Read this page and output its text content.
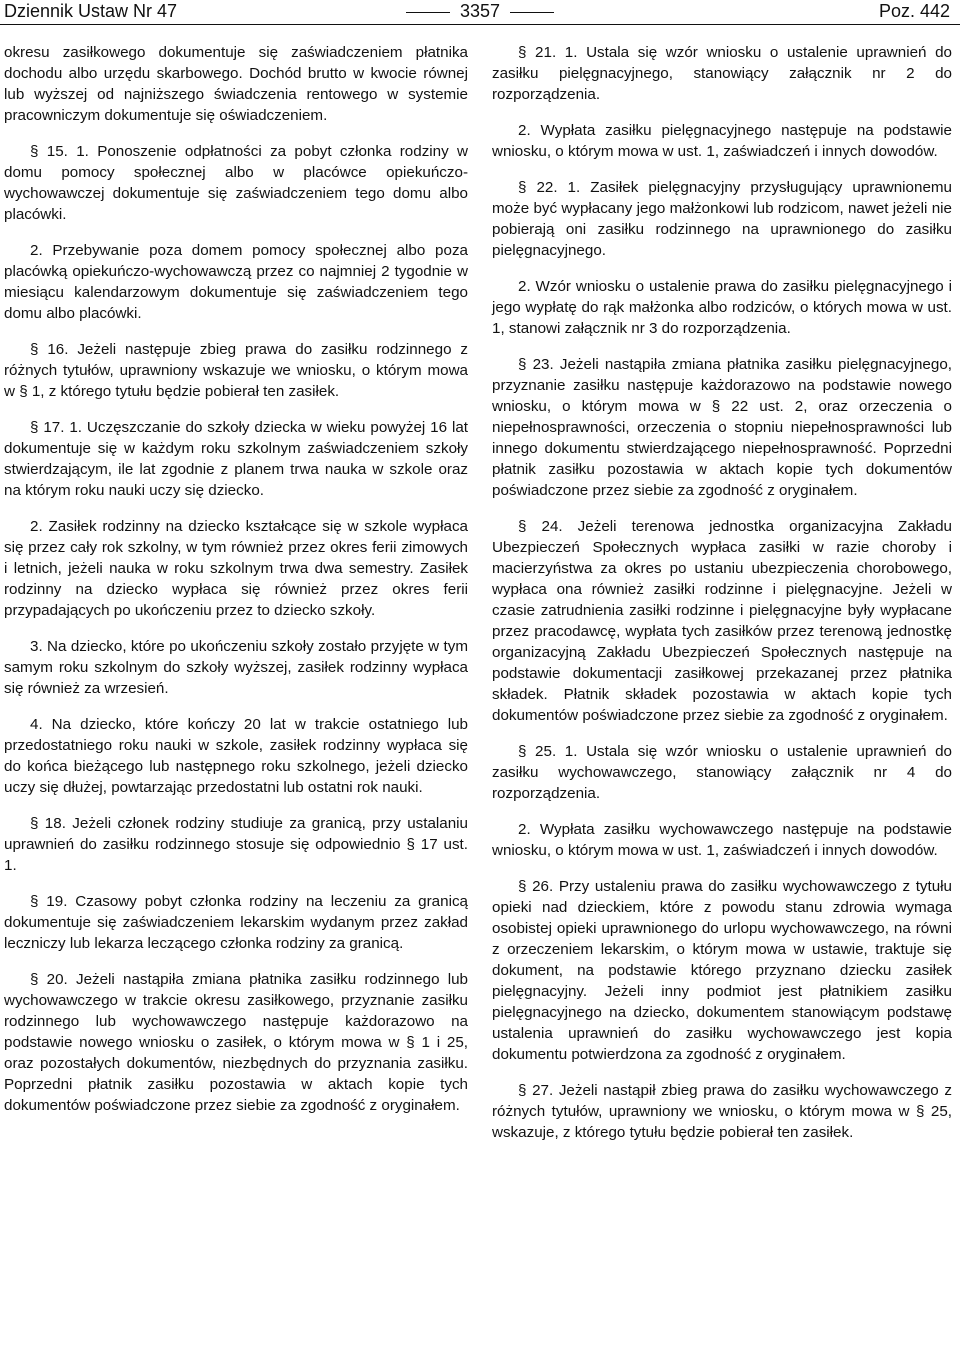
Dziennik Ustaw Nr 47	3357	Poz. 442

okresu zasiłkowego dokumentuje się zaświadczeniem płatnika dochodu albo urzędu skarbowego. Dochód brutto w kwocie równej lub wyższej od najniższego świadczenia rentowego w systemie pracowniczym dokumentuje się oświadczeniem.

§ 15. 1. Ponoszenie odpłatności za pobyt członka rodziny w domu pomocy społecznej albo w placówce opiekuńczo-wychowawczej dokumentuje się zaświadczeniem tego domu albo placówki.

2. Przebywanie poza domem pomocy społecznej albo poza placówką opiekuńczo-wychowawczą przez co najmniej 2 tygodnie w miesiącu kalendarzowym dokumentuje się zaświadczeniem tego domu albo placówki.

§ 16. Jeżeli następuje zbieg prawa do zasiłku rodzinnego z różnych tytułów, uprawniony wskazuje we wniosku, o którym mowa w § 1, z którego tytułu będzie pobierał ten zasiłek.

§ 17. 1. Uczęszczanie do szkoły dziecka w wieku powyżej 16 lat dokumentuje się w każdym roku szkolnym zaświadczeniem szkoły stwierdzającym, ile lat zgodnie z planem trwa nauka w szkole oraz na którym roku nauki uczy się dziecko.

2. Zasiłek rodzinny na dziecko kształcące się w szkole wypłaca się przez cały rok szkolny, w tym również przez okres ferii zimowych i letnich, jeżeli nauka w roku szkolnym trwa dwa semestry. Zasiłek rodzinny na dziecko wypłaca się również przez okres ferii przypadających po ukończeniu przez to dziecko szkoły.

3. Na dziecko, które po ukończeniu szkoły zostało przyjęte w tym samym roku szkolnym do szkoły wyższej, zasiłek rodzinny wypłaca się również za wrzesień.

4. Na dziecko, które kończy 20 lat w trakcie ostatniego lub przedostatniego roku nauki w szkole, zasiłek rodzinny wypłaca się do końca bieżącego lub następnego roku szkolnego, jeżeli dziecko uczy się dłużej, powtarzając przedostatni lub ostatni rok nauki.

§ 18. Jeżeli członek rodziny studiuje za granicą, przy ustalaniu uprawnień do zasiłku rodzinnego stosuje się odpowiednio § 17 ust. 1.

§ 19. Czasowy pobyt członka rodziny na leczeniu za granicą dokumentuje się zaświadczeniem lekarskim wydanym przez zakład leczniczy lub lekarza leczącego członka rodziny za granicą.

§ 20. Jeżeli nastąpiła zmiana płatnika zasiłku rodzinnego lub wychowawczego w trakcie okresu zasiłkowego, przyznanie zasiłku rodzinnego lub wychowawczego następuje każdorazowo na podstawie nowego wniosku o zasiłek, o którym mowa w § 1 i 25, oraz pozostałych dokumentów, niezbędnych do przyznania zasiłku. Poprzedni płatnik zasiłku pozostawia w aktach kopie tych dokumentów poświadczone przez siebie za zgodność z oryginałem.

§ 21. 1. Ustala się wzór wniosku o ustalenie uprawnień do zasiłku pielęgnacyjnego, stanowiący załącznik nr 2 do rozporządzenia.

2. Wypłata zasiłku pielęgnacyjnego następuje na podstawie wniosku, o którym mowa w ust. 1, zaświadczeń i innych dowodów.

§ 22. 1. Zasiłek pielęgnacyjny przysługujący uprawnionemu może być wypłacany jego małżonkowi lub rodzicom, nawet jeżeli nie pobierają oni zasiłku rodzinnego na uprawnionego do zasiłku pielęgnacyjnego.

2. Wzór wniosku o ustalenie prawa do zasiłku pielęgnacyjnego i jego wypłatę do rąk małżonka albo rodziców, o których mowa w ust. 1, stanowi załącznik nr 3 do rozporządzenia.

§ 23. Jeżeli nastąpiła zmiana płatnika zasiłku pielęgnacyjnego, przyznanie zasiłku następuje każdorazowo na podstawie nowego wniosku, o którym mowa w § 22 ust. 2, oraz orzeczenia o niepełnosprawności, orzeczenia o stopniu niepełnosprawności lub innego dokumentu stwierdzającego niepełnosprawność. Poprzedni płatnik zasiłku pozostawia w aktach kopie tych dokumentów poświadczone przez siebie za zgodność z oryginałem.

§ 24. Jeżeli terenowa jednostka organizacyjna Zakładu Ubezpieczeń Społecznych wypłaca zasiłki w razie choroby i macierzyństwa za okres po ustaniu ubezpieczenia chorobowego, wypłaca ona również zasiłki rodzinne i pielęgnacyjne. Jeżeli w czasie zatrudnienia zasiłki rodzinne i pielęgnacyjne były wypłacane przez pracodawcę, wypłata tych zasiłków przez terenową jednostkę organizacyjną Zakładu Ubezpieczeń Społecznych następuje na podstawie dokumentacji zasiłkowej przekazanej przez płatnika składek. Płatnik składek pozostawia w aktach kopie tych dokumentów poświadczone przez siebie za zgodność z oryginałem.

§ 25. 1. Ustala się wzór wniosku o ustalenie uprawnień do zasiłku wychowawczego, stanowiący załącznik nr 4 do rozporządzenia.

2. Wypłata zasiłku wychowawczego następuje na podstawie wniosku, o którym mowa w ust. 1, zaświadczeń i innych dowodów.

§ 26. Przy ustaleniu prawa do zasiłku wychowawczego z tytułu opieki nad dzieckiem, które z powodu stanu zdrowia wymaga osobistej opieki uprawnionego do urlopu wychowawczego, na równi z orzeczeniem lekarskim, o którym mowa w ustawie, traktuje się dokument, na podstawie którego przyznano dziecku zasiłek pielęgnacyjny. Jeżeli inny podmiot jest płatnikiem zasiłku pielęgnacyjnego na dziecko, dokumentem stanowiącym podstawę ustalenia uprawnień do zasiłku wychowawczego jest kopia dokumentu potwierdzona za zgodność z oryginałem.

§ 27. Jeżeli nastąpił zbieg prawa do zasiłku wychowawczego z różnych tytułów, uprawniony we wniosku, o którym mowa w § 25, wskazuje, z którego tytułu będzie pobierał ten zasiłek.
